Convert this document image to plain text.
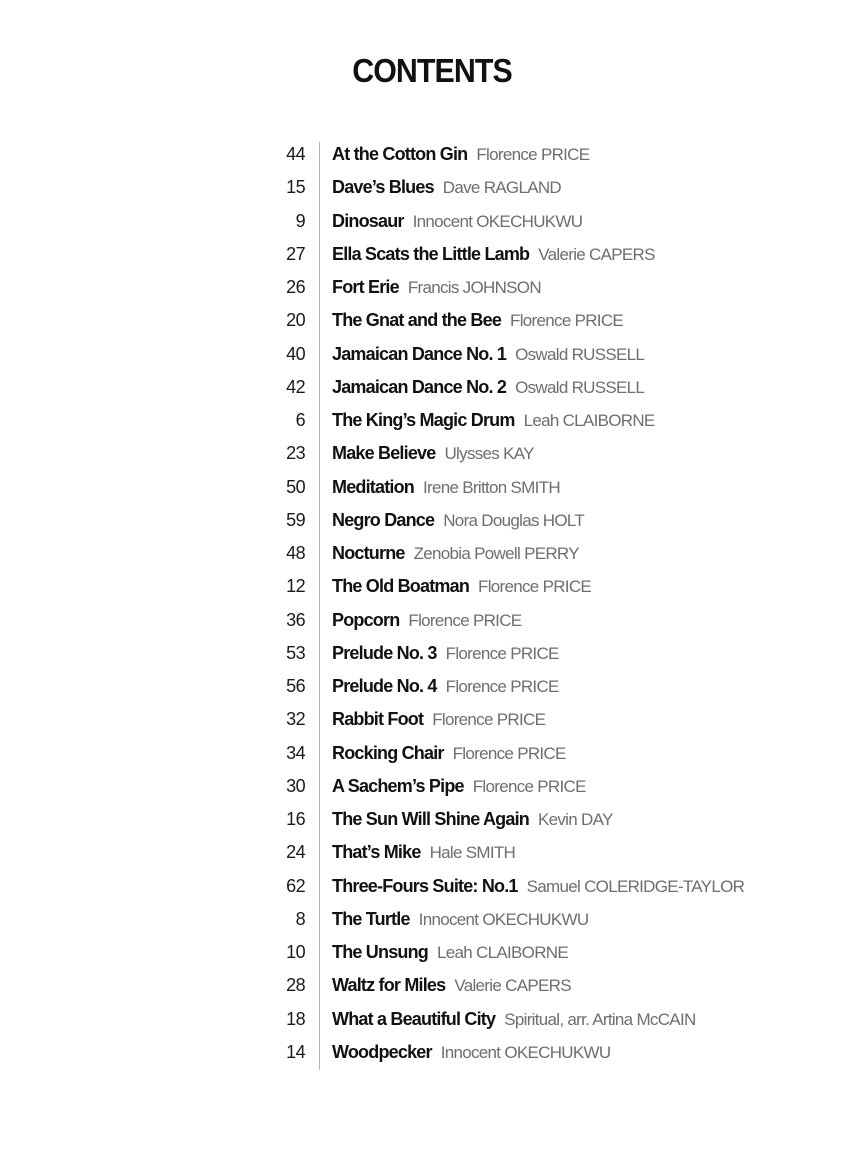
CONTENTS
44 At the Cotton Gin Florence PRICE
15 Dave’s Blues Dave RAGLAND
9 Dinosaur Innocent OKECHUKWU
27 Ella Scats the Little Lamb Valerie CAPERS
26 Fort Erie Francis JOHNSON
20 The Gnat and the Bee Florence PRICE
40 Jamaican Dance No. 1 Oswald RUSSELL
42 Jamaican Dance No. 2 Oswald RUSSELL
6 The King’s Magic Drum Leah CLAIBORNE
23 Make Believe Ulysses KAY
50 Meditation Irene Britton SMITH
59 Negro Dance Nora Douglas HOLT
48 Nocturne Zenobia Powell PERRY
12 The Old Boatman Florence PRICE
36 Popcorn Florence PRICE
53 Prelude No. 3 Florence PRICE
56 Prelude No. 4 Florence PRICE
32 Rabbit Foot Florence PRICE
34 Rocking Chair Florence PRICE
30 A Sachem’s Pipe Florence PRICE
16 The Sun Will Shine Again Kevin DAY
24 That’s Mike Hale SMITH
62 Three-Fours Suite: No.1 Samuel COLERIDGE-TAYLOR
8 The Turtle Innocent OKECHUKWU
10 The Unsung Leah CLAIBORNE
28 Waltz for Miles Valerie CAPERS
18 What a Beautiful City Spiritual, arr. Artina McCAIN
14 Woodpecker Innocent OKECHUKWU
